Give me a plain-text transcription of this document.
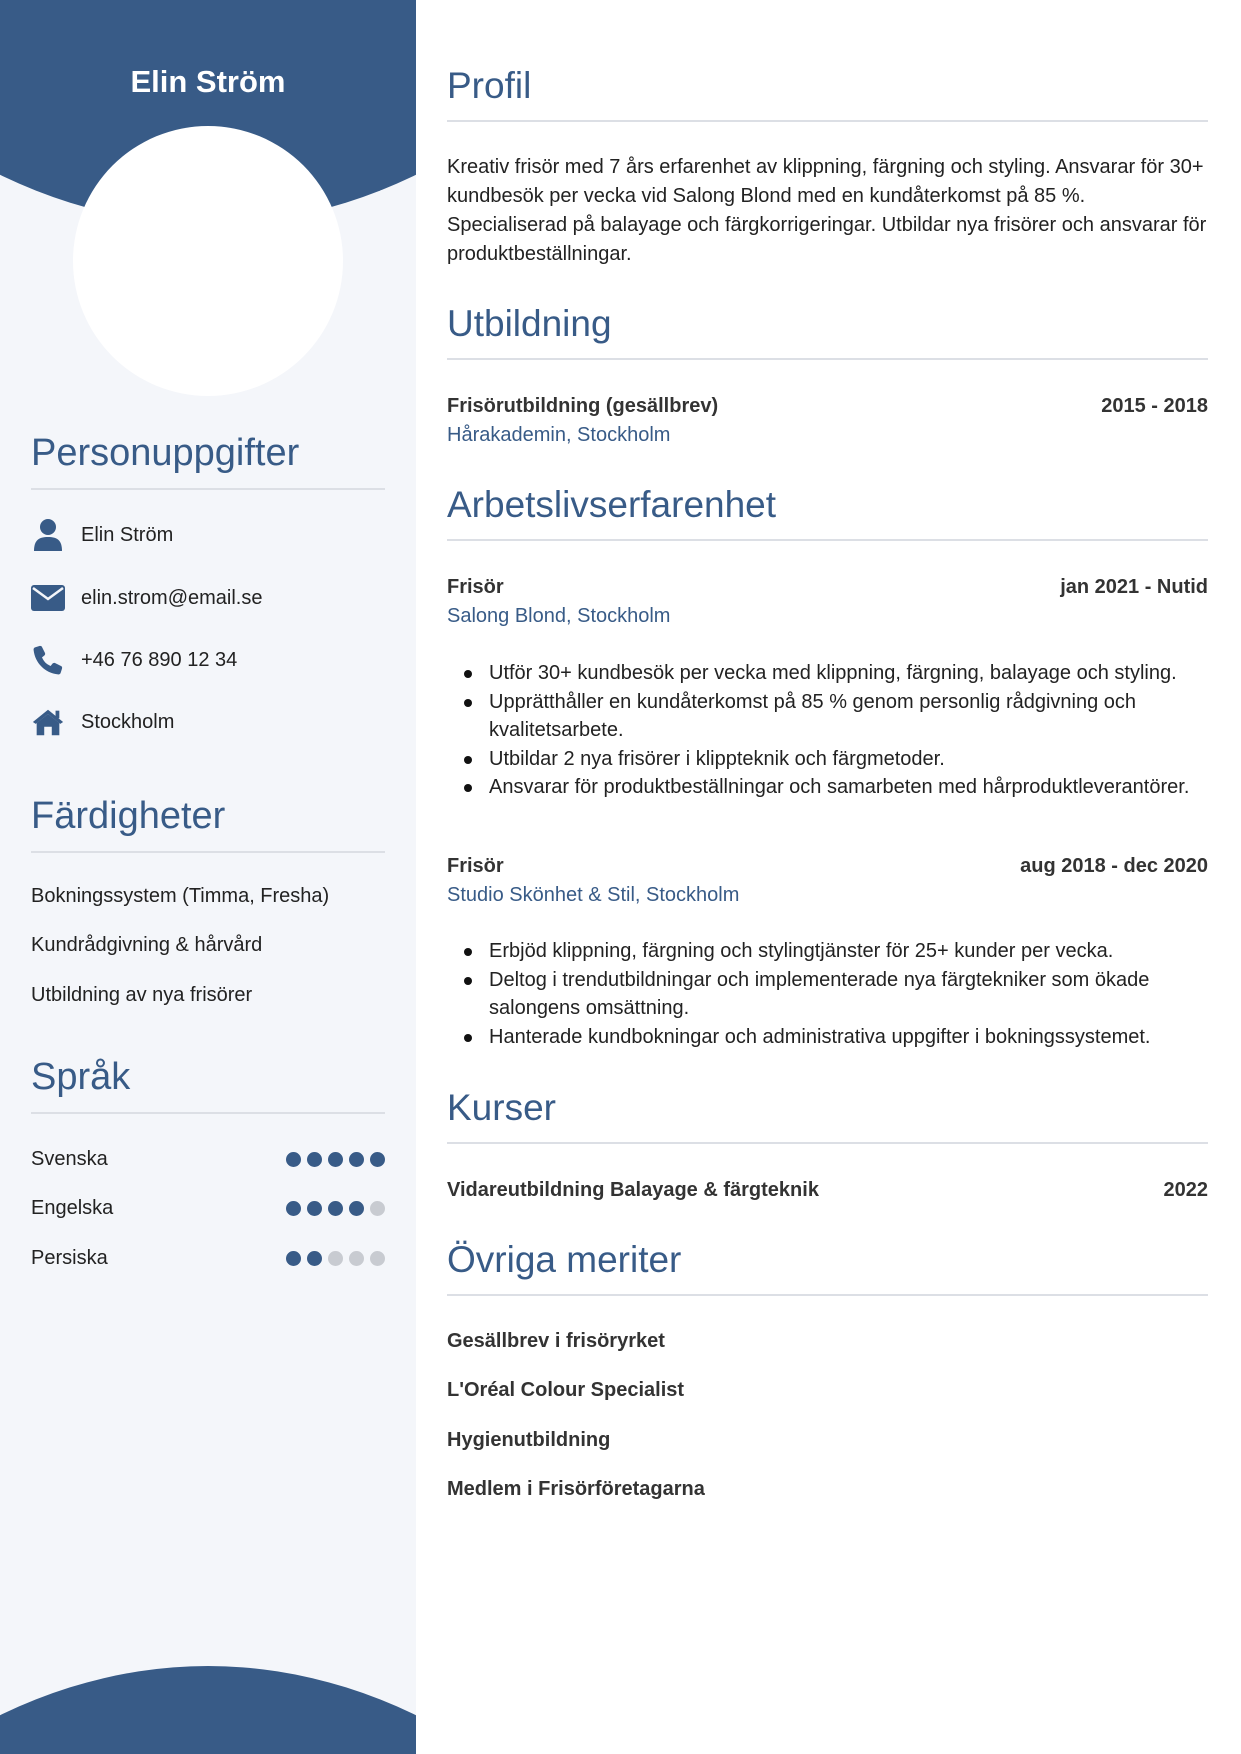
Elin Ström
Personuppgifter
Elin Ström
elin.strom@email.se
+46 76 890 12 34
Stockholm
Färdigheter
Bokningssystem (Timma, Fresha)
Kundrådgivning & hårvård
Utbildning av nya frisörer
Språk
Svenska
Engelska
Persiska
Profil
Kreativ frisör med 7 års erfarenhet av klippning, färgning och styling. Ansvarar för 30+ kundbesök per vecka vid Salong Blond med en kundåterkomst på 85 %. Specialiserad på balayage och färgkorrigeringar. Utbildar nya frisörer och ansvarar för produktbeställningar.
Utbildning
Frisörutbildning (gesällbrev)	2015 - 2018
Hårakademin, Stockholm
Arbetslivserfarenhet
Frisör	jan 2021 - Nutid
Salong Blond, Stockholm
Utför 30+ kundbesök per vecka med klippning, färgning, balayage och styling.
Upprätthåller en kundåterkomst på 85 % genom personlig rådgivning och kvalitetsarbete.
Utbildar 2 nya frisörer i klippteknik och färgmetoder.
Ansvarar för produktbeställningar och samarbeten med hårproduktleverantörer.
Frisör	aug 2018 - dec 2020
Studio Skönhet & Stil, Stockholm
Erbjöd klippning, färgning och stylingtjänster för 25+ kunder per vecka.
Deltog i trendutbildningar och implementerade nya färgtekniker som ökade salongens omsättning.
Hanterade kundbokningar och administrativa uppgifter i bokningssystemet.
Kurser
Vidareutbildning Balayage & färgteknik	2022
Övriga meriter
Gesällbrev i frisöryrket
L'Oréal Colour Specialist
Hygienutbildning
Medlem i Frisörföretagarna
